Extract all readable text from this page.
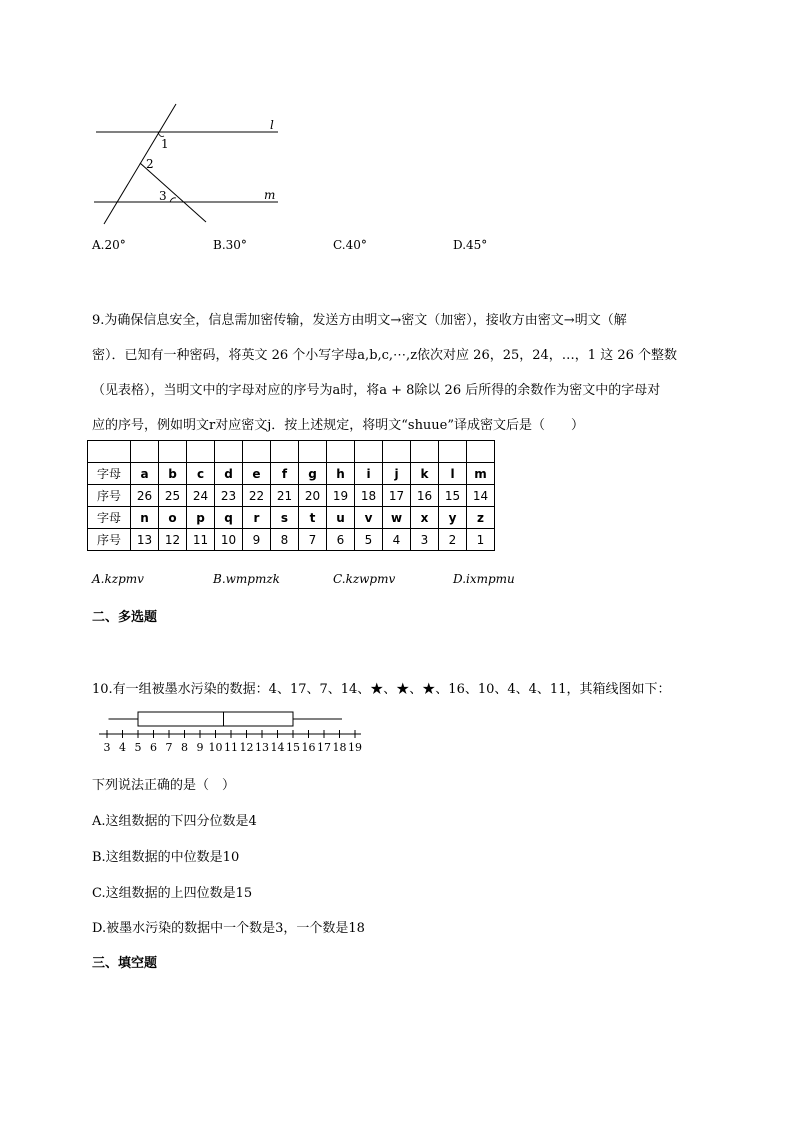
l
m
1
2
3
A.20°	B.30°	C.40°	D.45°
9.为确保信息安全，信息需加密传输，发送方由明文→密文（加密），接收方由密文→明文（解
密）．已知有一种密码，将英文 26 个小写字母a,b,c,⋯,z依次对应 26，25，24，…，1 这 26 个整数
（见表格），当明文中的字母对应的序号为a时，将a + 8除以 26 后所得的余数作为密文中的字母对
应的序号，例如明文r对应密文j．按上述规定，将明文“shuue”译成密文后是（　　）

字母	a	b	c	d	e	f	g	h	i	j	k	l	m
序号	26	25	24	23	22	21	20	19	18	17	16	15	14
字母	n	o	p	q	r	s	t	u	v	w	x	y	z
序号	13	12	11	10	9	8	7	6	5	4	3	2	1
A.kzpmv	B.wmpmzk	C.kzwpmv	D.ixmpmu
二、多选题
10.有一组被墨水污染的数据：4、17、7、14、★、★、★、16、10、4、4、11，其箱线图如下：
3 4 5 6 7 8 9 10 11 12 13 14 15 16 17 18 19
下列说法正确的是（　）
A.这组数据的下四分位数是4
B.这组数据的中位数是10
C.这组数据的上四位数是15
D.被墨水污染的数据中一个数是3，一个数是18
三、填空题
